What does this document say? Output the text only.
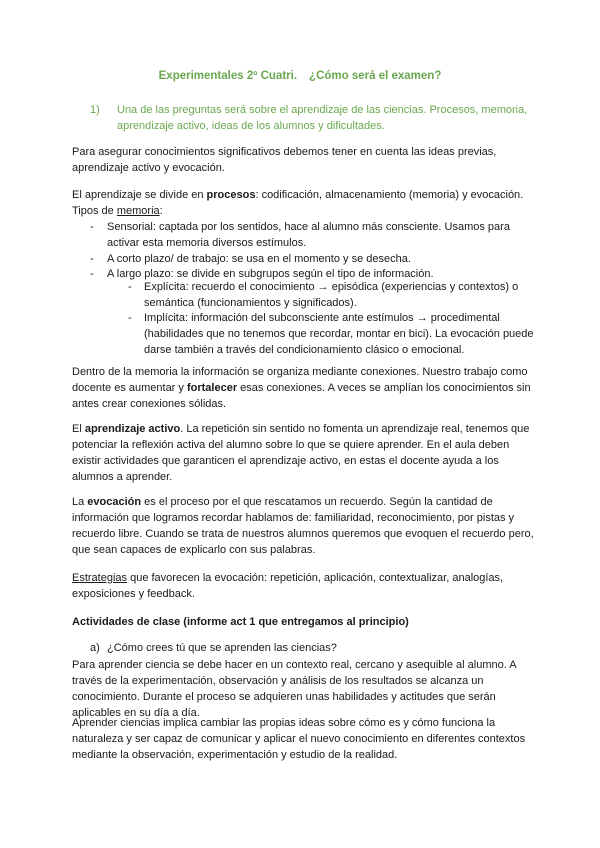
Experimentales 2º Cuatri. ¿Cómo será el examen?
1)	Una de las preguntas será sobre el aprendizaje de las ciencias. Procesos, memoria, aprendizaje activo, ideas de los alumnos y dificultades.
Para asegurar conocimientos significativos debemos tener en cuenta las ideas previas, aprendizaje activo y evocación.
El aprendizaje se divide en procesos: codificación, almacenamiento (memoria) y evocación.
Tipos de memoria:
-	Sensorial: captada por los sentidos, hace al alumno más consciente. Usamos para activar esta memoria diversos estímulos.
-	A corto plazo/ de trabajo: se usa en el momento y se desecha.
-	A largo plazo: se divide en subgrupos según el tipo de información.
-	Explícita: recuerdo el conocimiento → episódica (experiencias y contextos) o semántica (funcionamientos y significados).
-	Implícita: información del subconsciente ante estímulos → procedimental (habilidades que no tenemos que recordar, montar en bici). La evocación puede darse también a través del condicionamiento clásico o emocional.
Dentro de la memoria la información se organiza mediante conexiones. Nuestro trabajo como docente es aumentar y fortalecer esas conexiones. A veces se amplían los conocimientos sin antes crear conexiones sólidas.
El aprendizaje activo. La repetición sin sentido no fomenta un aprendizaje real, tenemos que potenciar la reflexión activa del alumno sobre lo que se quiere aprender. En el aula deben existir actividades que garanticen el aprendizaje activo, en estas el docente ayuda a los alumnos a aprender.
La evocación es el proceso por el que rescatamos un recuerdo. Según la cantidad de información que logramos recordar hablamos de: familiaridad, reconocimiento, por pistas y recuerdo libre. Cuando se trata de nuestros alumnos queremos que evoquen el recuerdo pero, que sean capaces de explicarlo con sus palabras.
Estrategias que favorecen la evocación: repetición, aplicación, contextualizar, analogías, exposiciones y feedback.
Actividades de clase (informe act 1 que entregamos al principio)
a) ¿Cómo crees tú que se aprenden las ciencias?
Para aprender ciencia se debe hacer en un contexto real, cercano y asequible al alumno. A través de la experimentación, observación y análisis de los resultados se alcanza un conocimiento. Durante el proceso se adquieren unas habilidades y actitudes que serán aplicables en su día a día.
Aprender ciencias implica cambiar las propias ideas sobre cómo es y cómo funciona la naturaleza y ser capaz de comunicar y aplicar el nuevo conocimiento en diferentes contextos mediante la observación, experimentación y estudio de la realidad.
